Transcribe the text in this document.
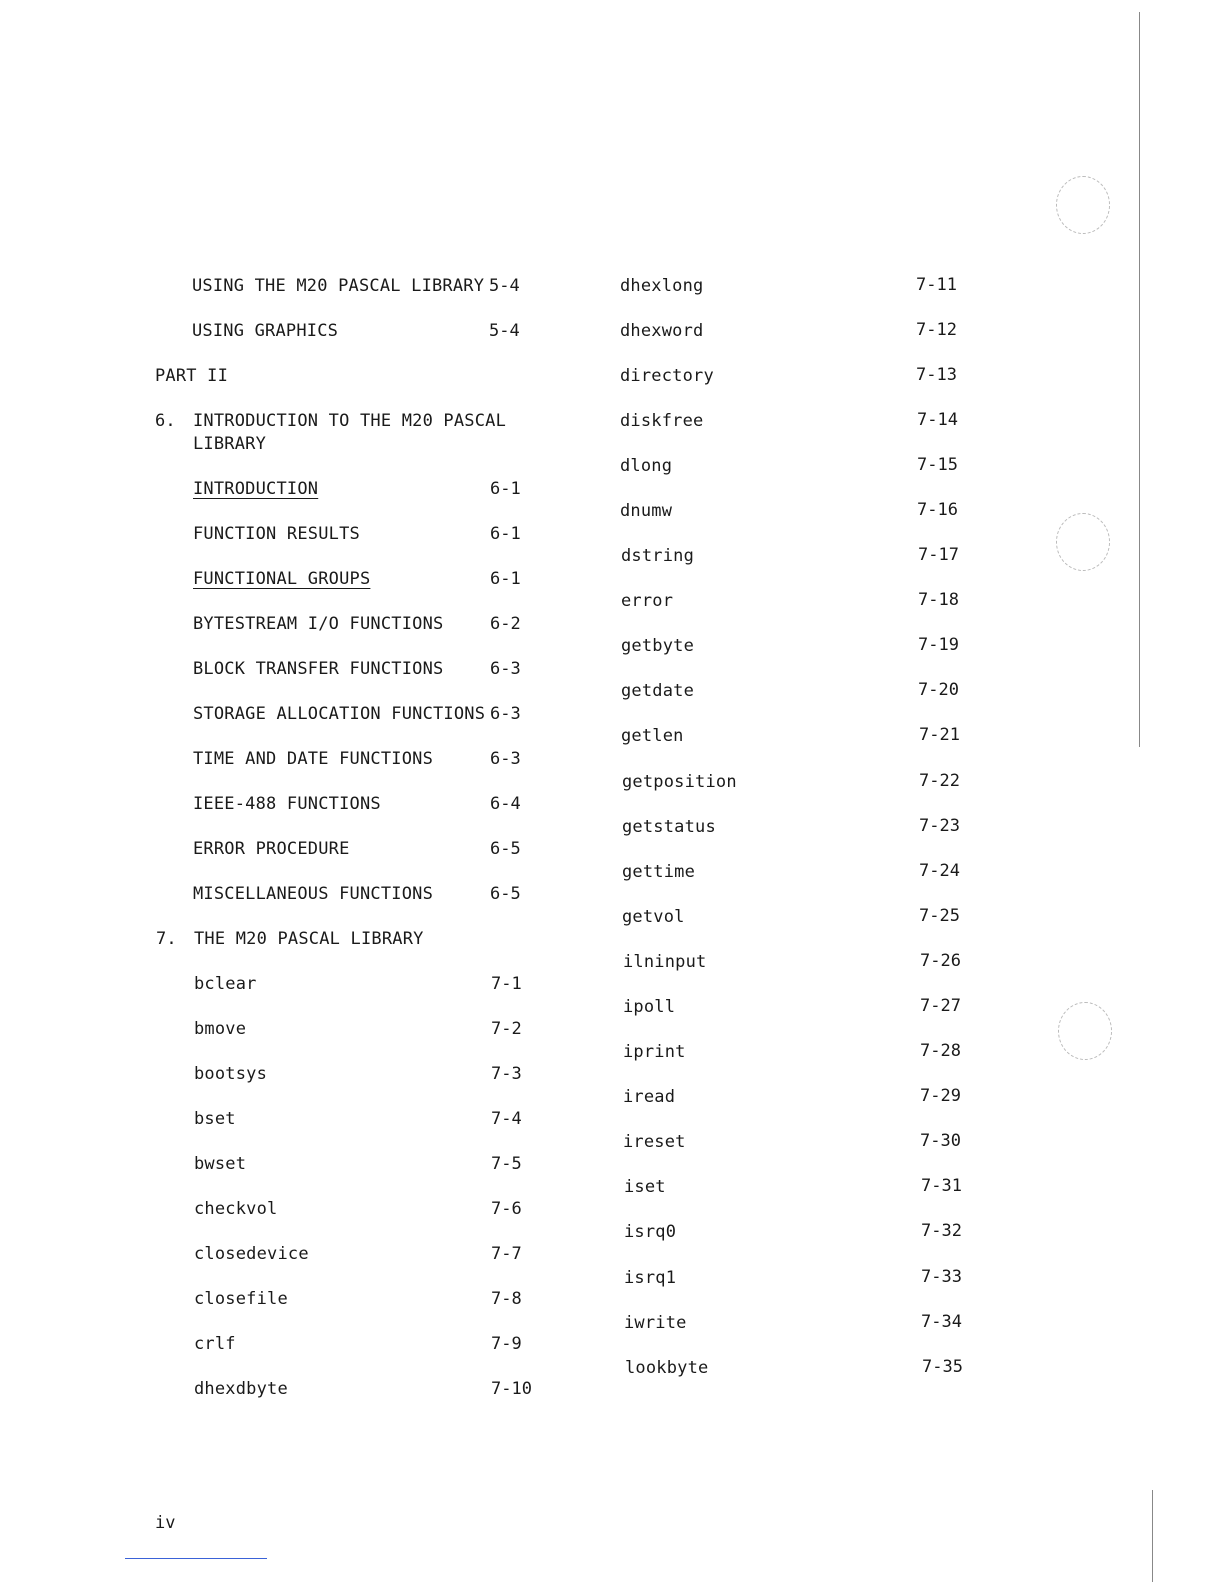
USING THE M20 PASCAL LIBRARY 5-4
USING GRAPHICS	5-4
PART II
6. INTRODUCTION TO THE M20 PASCAL
LIBRARY
INTRODUCTION	6-1
FUNCTION RESULTS	6-1
FUNCTIONAL GROUPS	6-1
BYTESTREAM I/O FUNCTIONS	6-2
BLOCK TRANSFER FUNCTIONS	6-3
STORAGE ALLOCATION FUNCTIONS 6-3
TIME AND DATE FUNCTIONS	6-3
IEEE-488 FUNCTIONS	6-4
ERROR PROCEDURE	6-5
MISCELLANEOUS FUNCTIONS	6-5
7. THE M20 PASCAL LIBRARY
bclear	7-1
bmove	7-2
bootsys	7-3
bset	7-4
bwset	7-5
checkvol	7-6
closedevice	7-7
closefile	7-8
crlf	7-9
dhexdbyte	7-10
dhexlong	7-11
dhexword	7-12
directory	7-13
diskfree	7-14
dlong	7-15
dnumw	7-16
dstring	7-17
error	7-18
getbyte	7-19
getdate	7-20
getlen	7-21
getposition	7-22
getstatus	7-23
gettime	7-24
getvol	7-25
ilninput	7-26
ipoll	7-27
iprint	7-28
iread	7-29
ireset	7-30
iset	7-31
isrq0	7-32
isrq1	7-33
iwrite	7-34
lookbyte	7-35
iv
